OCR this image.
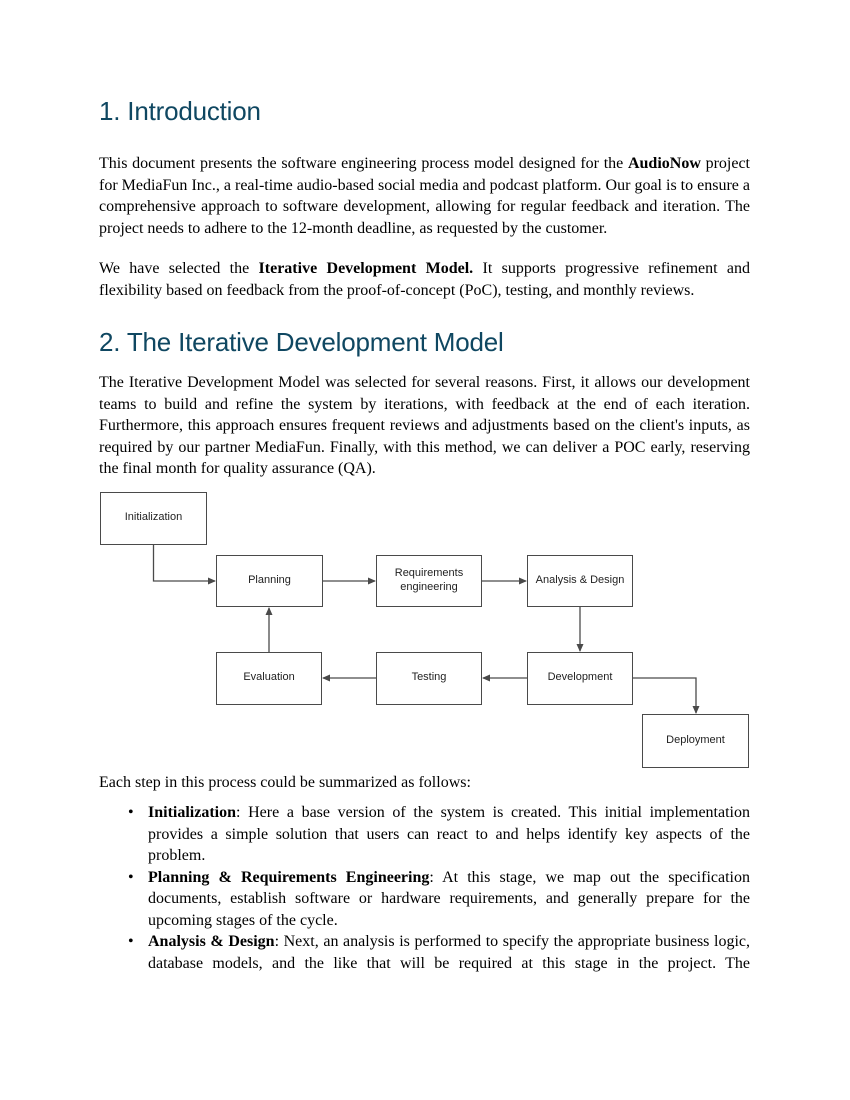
1. Introduction

This document presents the software engineering process model designed for the AudioNow project for MediaFun Inc., a real-time audio-based social media and podcast platform. Our goal is to ensure a comprehensive approach to software development, allowing for regular feedback and iteration. The project needs to adhere to the 12-month deadline, as requested by the customer.

We have selected the Iterative Development Model. It supports progressive refinement and flexibility based on feedback from the proof-of-concept (PoC), testing, and monthly reviews.

2. The Iterative Development Model

The Iterative Development Model was selected for several reasons. First, it allows our development teams to build and refine the system by iterations, with feedback at the end of each iteration. Furthermore, this approach ensures frequent reviews and adjustments based on the client's inputs, as required by our partner MediaFun. Finally, with this method, we can deliver a POC early, reserving the final month for quality assurance (QA).

Initialization
Planning
Requirements engineering
Analysis & Design
Evaluation	Testing	Development
Deployment

Each step in this process could be summarized as follows:

• Initialization: Here a base version of the system is created. This initial implementation provides a simple solution that users can react to and helps identify key aspects of the problem.
• Planning & Requirements Engineering: At this stage, we map out the specification documents, establish software or hardware requirements, and generally prepare for the upcoming stages of the cycle.
• Analysis & Design: Next, an analysis is performed to specify the appropriate business logic, database models, and the like that will be required at this stage in the project. The
